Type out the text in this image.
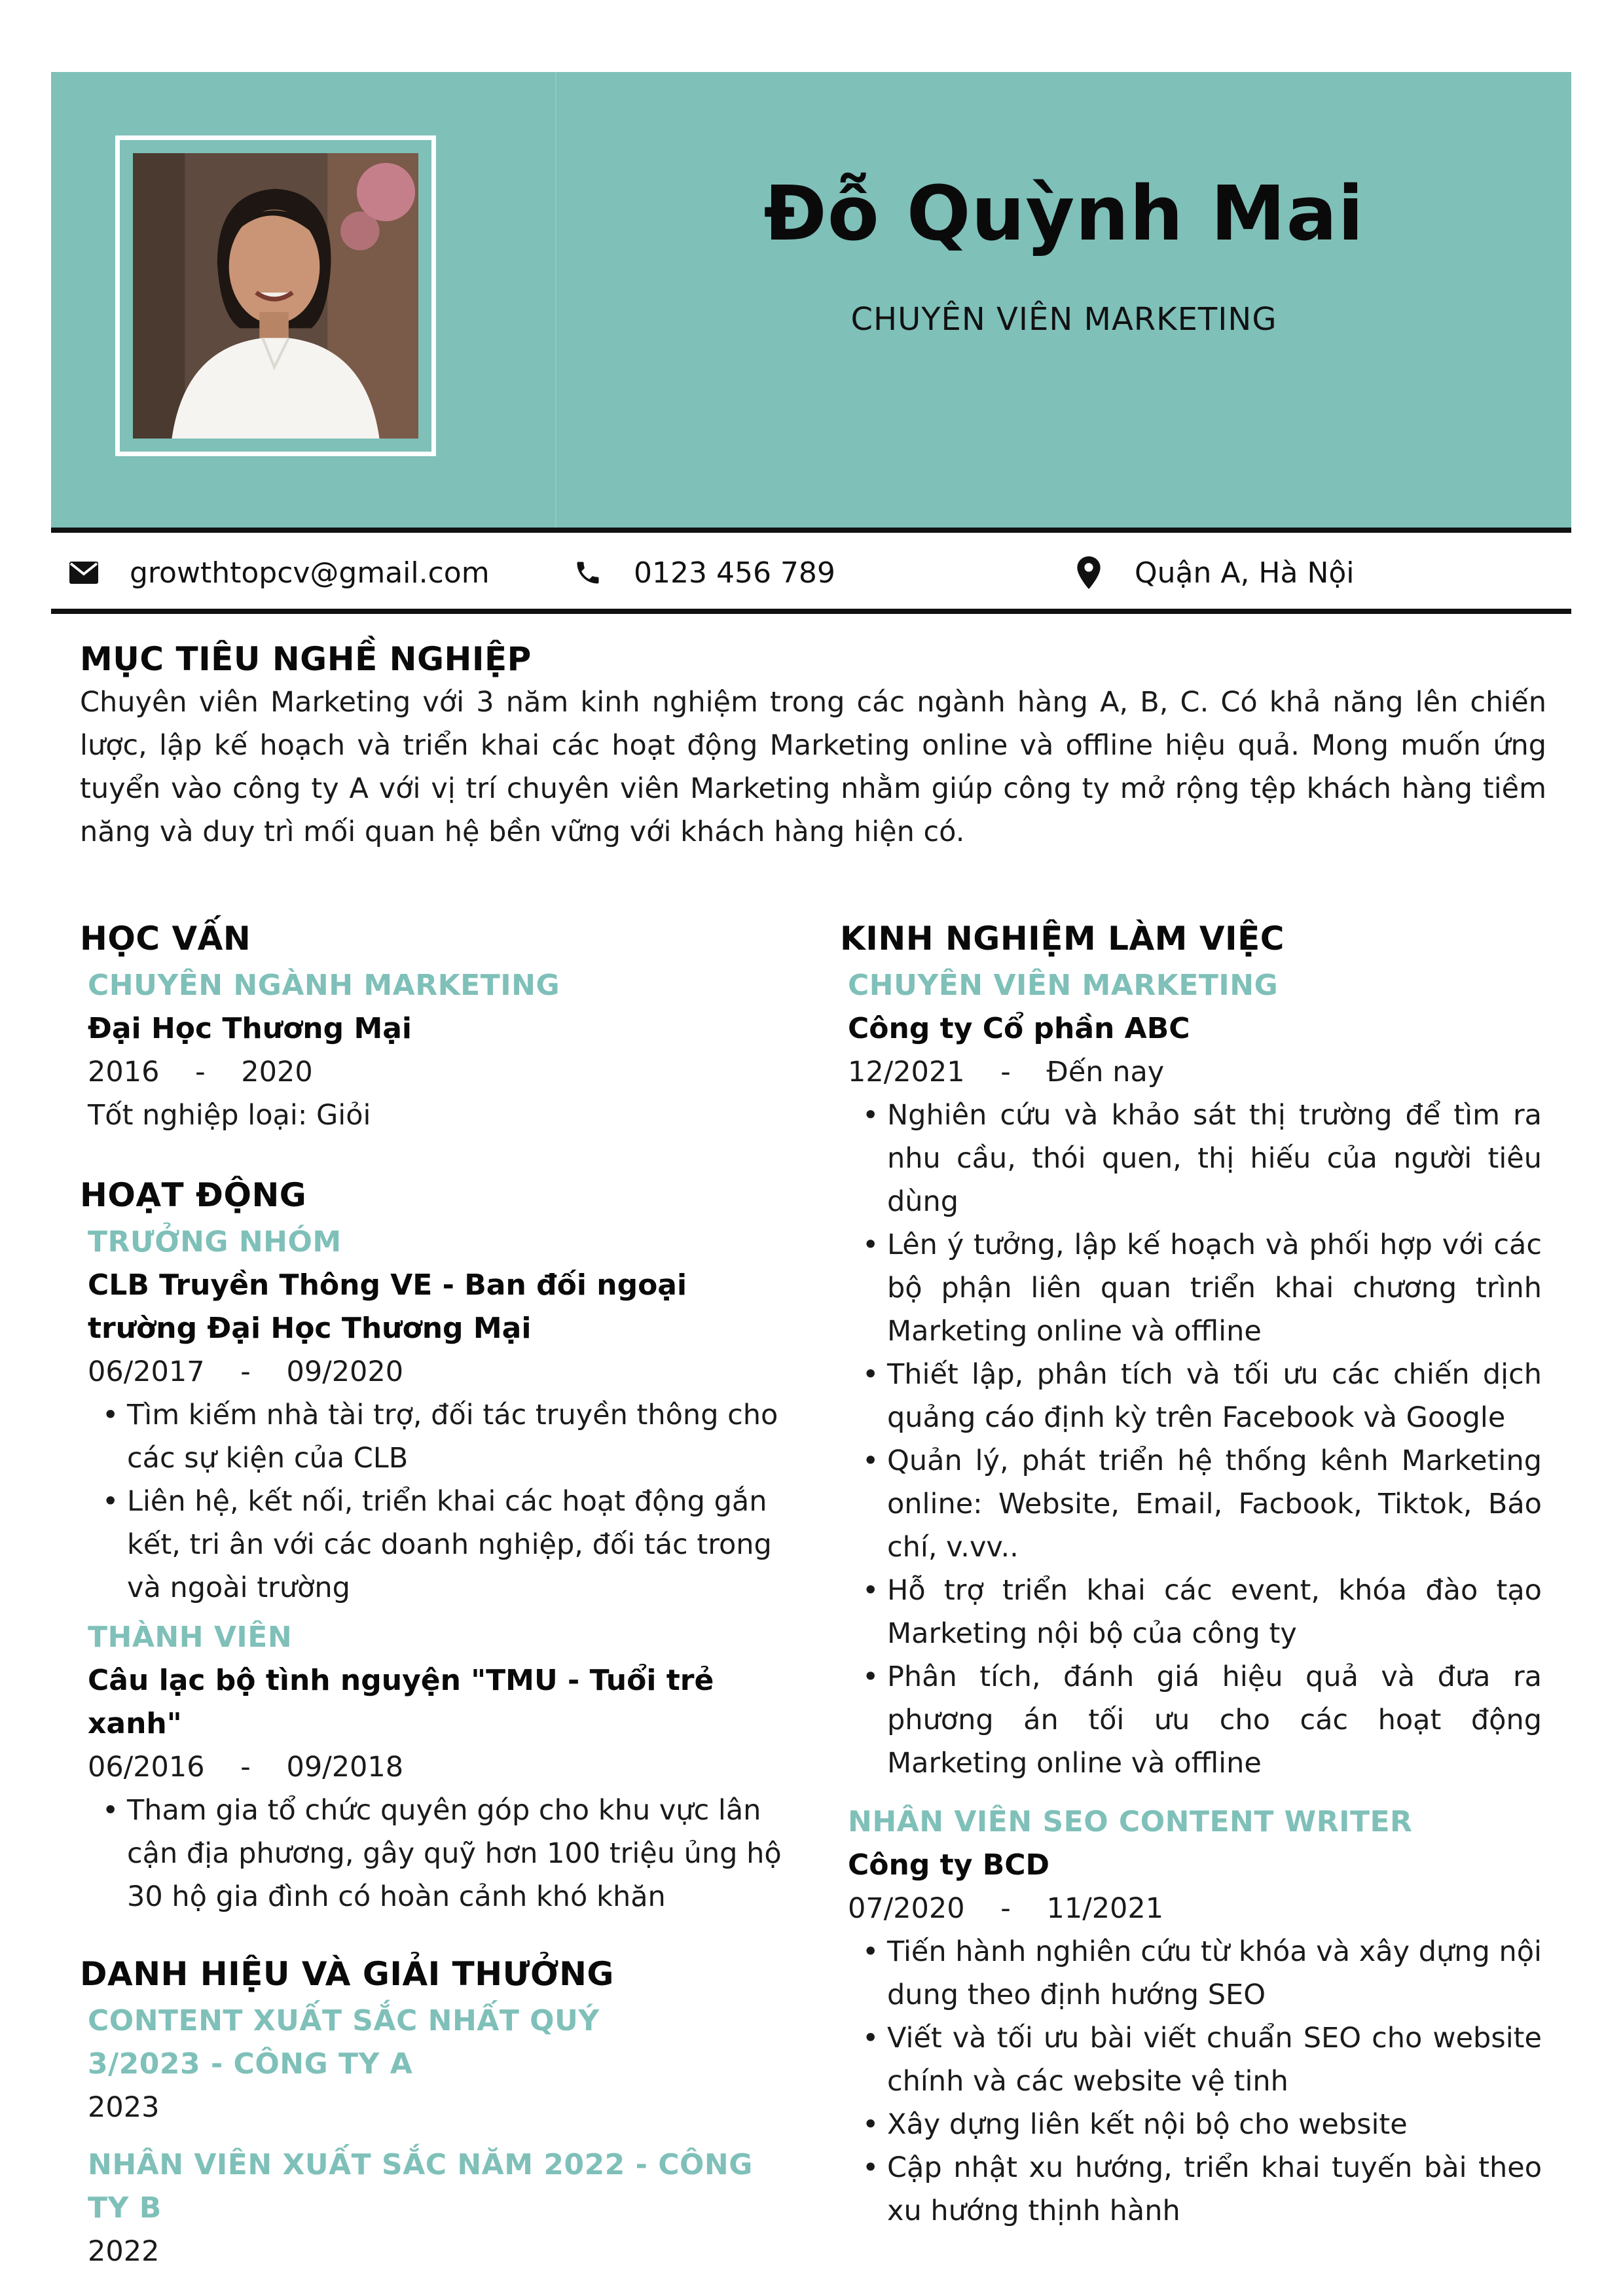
Đỗ Quỳnh Mai
CHUYÊN VIÊN MARKETING
growthtopcv@gmail.com	0123 456 789	Quận A, Hà Nội
MỤC TIÊU NGHỀ NGHIỆP
Chuyên viên Marketing với 3 năm kinh nghiệm trong các ngành hàng A, B, C. Có khả năng lên chiến lược, lập kế hoạch và triển khai các hoạt động Marketing online và offline hiệu quả. Mong muốn ứng tuyển vào công ty A với vị trí chuyên viên Marketing nhằm giúp công ty mở rộng tệp khách hàng tiềm năng và duy trì mối quan hệ bền vững với khách hàng hiện có.
HỌC VẤN
CHUYÊN NGÀNH MARKETING
Đại Học Thương Mại
2016    -    2020
Tốt nghiệp loại: Giỏi
HOẠT ĐỘNG
TRƯỞNG NHÓM
CLB Truyền Thông VE - Ban đối ngoại trường Đại Học Thương Mại
06/2017    -    09/2020
• Tìm kiếm nhà tài trợ, đối tác truyền thông cho các sự kiện của CLB
• Liên hệ, kết nối, triển khai các hoạt động gắn kết, tri ân với các doanh nghiệp, đối tác trong và ngoài trường
THÀNH VIÊN
Câu lạc bộ tình nguyện "TMU - Tuổi trẻ xanh"
06/2016    -    09/2018
• Tham gia tổ chức quyên góp cho khu vực lân cận địa phương, gây quỹ hơn 100 triệu ủng hộ 30 hộ gia đình có hoàn cảnh khó khăn
DANH HIỆU VÀ GIẢI THƯỞNG
CONTENT XUẤT SẮC NHẤT QUÝ 3/2023 - CÔNG TY A
2023
NHÂN VIÊN XUẤT SẮC NĂM 2022 - CÔNG TY B
2022
KINH NGHIỆM LÀM VIỆC
CHUYÊN VIÊN MARKETING
Công ty Cổ phần ABC
12/2021    -    Đến nay
• Nghiên cứu và khảo sát thị trường để tìm ra nhu cầu, thói quen, thị hiếu của người tiêu dùng
• Lên ý tưởng, lập kế hoạch và phối hợp với các bộ phận liên quan triển khai chương trình Marketing online và offline
• Thiết lập, phân tích và tối ưu các chiến dịch quảng cáo định kỳ trên Facebook và Google
• Quản lý, phát triển hệ thống kênh Marketing online: Website, Email, Facbook, Tiktok, Báo chí, v.vv..
• Hỗ trợ triển khai các event, khóa đào tạo Marketing nội bộ của công ty
• Phân tích, đánh giá hiệu quả và đưa ra phương án tối ưu cho các hoạt động Marketing online và offline
NHÂN VIÊN SEO CONTENT WRITER
Công ty BCD
07/2020    -    11/2021
• Tiến hành nghiên cứu từ khóa và xây dựng nội dung theo định hướng SEO
• Viết và tối ưu bài viết chuẩn SEO cho website chính và các website vệ tinh
• Xây dựng liên kết nội bộ cho website
• Cập nhật xu hướng, triển khai tuyến bài theo xu hướng thịnh hành
